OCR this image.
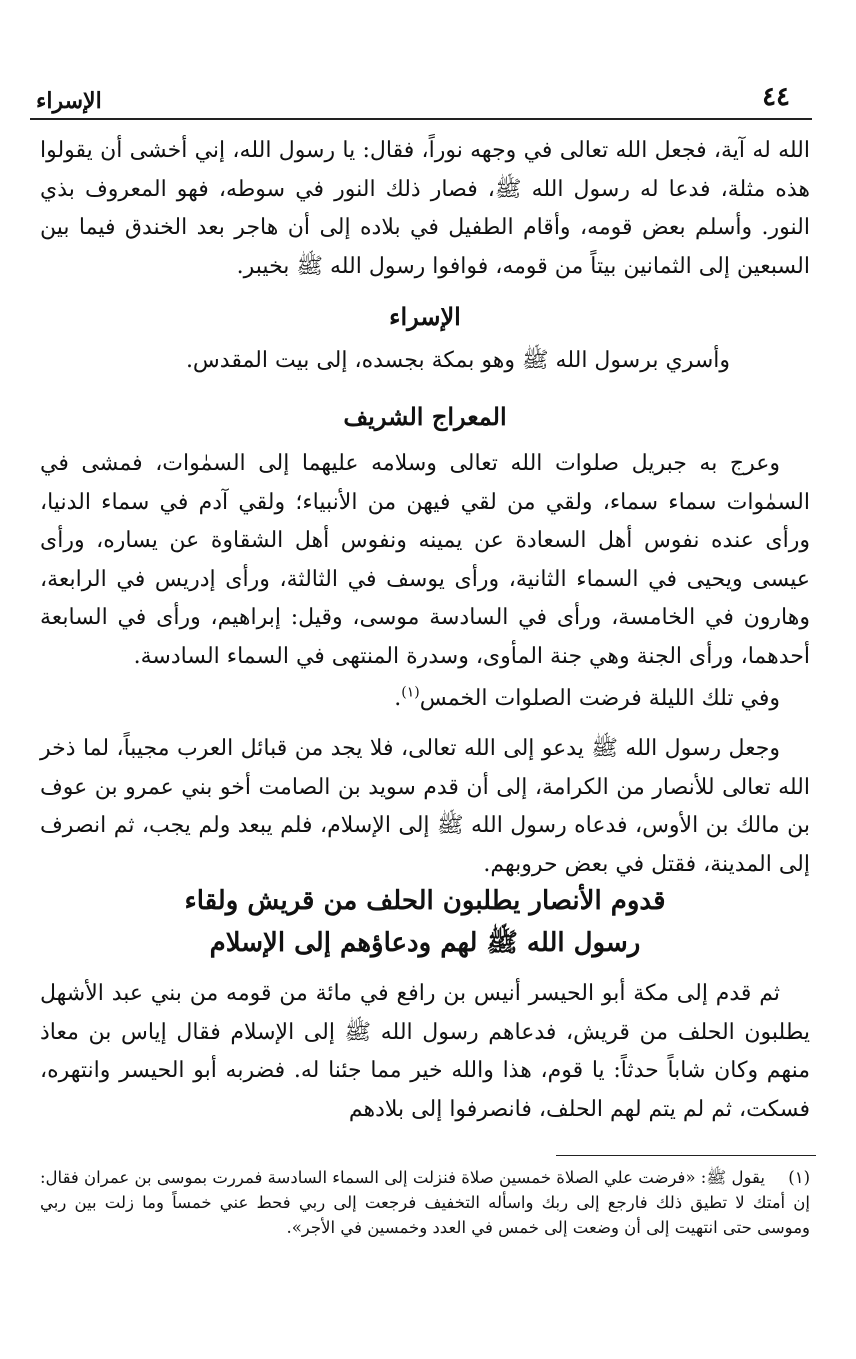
الإسراء	٤٤
الله له آية، فجعل الله تعالى في وجهه نوراً، فقال: يا رسول الله، إني أخشى أن يقولوا هذه مثلة، فدعا له رسول الله ﷺ، فصار ذلك النور في سوطه، فهو المعروف بذي النور. وأسلم بعض قومه، وأقام الطفيل في بلاده إلى أن هاجر بعد الخندق فيما بين السبعين إلى الثمانين بيتاً من قومه، فوافوا رسول الله ﷺ بخيبر.
الإسراء
وأسري برسول الله ﷺ وهو بمكة بجسده، إلى بيت المقدس.
المعراج الشريف
وعرج به جبريل صلوات الله تعالى وسلامه عليهما إلى السمٰوات، فمشى في السمٰوات سماء سماء، ولقي من لقي فيهن من الأنبياء؛ ولقي آدم في سماء الدنيا، ورأى عنده نفوس أهل السعادة عن يمينه ونفوس أهل الشقاوة عن يساره، ورأى عيسى ويحيى في السماء الثانية، ورأى يوسف في الثالثة، ورأى إدريس في الرابعة، وهارون في الخامسة، ورأى في السادسة موسى، وقيل: إبراهيم، ورأى في السابعة أحدهما، ورأى الجنة وهي جنة المأوى، وسدرة المنتهى في السماء السادسة.
وفي تلك الليلة فرضت الصلوات الخمس$^{(١)}$.
وجعل رسول الله ﷺ يدعو إلى الله تعالى، فلا يجد من قبائل العرب مجيباً، لما ذخر الله تعالى للأنصار من الكرامة، إلى أن قدم سويد بن الصامت أخو بني عمرو بن عوف بن مالك بن الأوس، فدعاه رسول الله ﷺ إلى الإسلام، فلم يبعد ولم يجب، ثم انصرف إلى المدينة، فقتل في بعض حروبهم.
قدوم الأنصار يطلبون الحلف من قريش ولقاء
رسول الله ﷺ لهم ودعاؤهم إلى الإسلام
ثم قدم إلى مكة أبو الحيسر أنيس بن رافع في مائة من قومه من بني عبد الأشهل يطلبون الحلف من قريش، فدعاهم رسول الله ﷺ إلى الإسلام فقال إياس بن معاذ منهم وكان شاباً حدثاً: يا قوم، هذا والله خير مما جئنا له. فضربه أبو الحيسر وانتهره، فسكت، ثم لم يتم لهم الحلف، فانصرفوا إلى بلادهم
(١) يقول ﷺ: «فرضت علي الصلاة خمسين صلاة فنزلت إلى السماء السادسة فمررت بموسى بن عمران فقال: إن أمتك لا تطيق ذلك فارجع إلى ربك واسأله التخفيف فرجعت إلى ربي فحط عني خمساً وما زلت بين ربي وموسى حتى انتهيت إلى أن وضعت إلى خمس في العدد وخمسين في الأجر».
